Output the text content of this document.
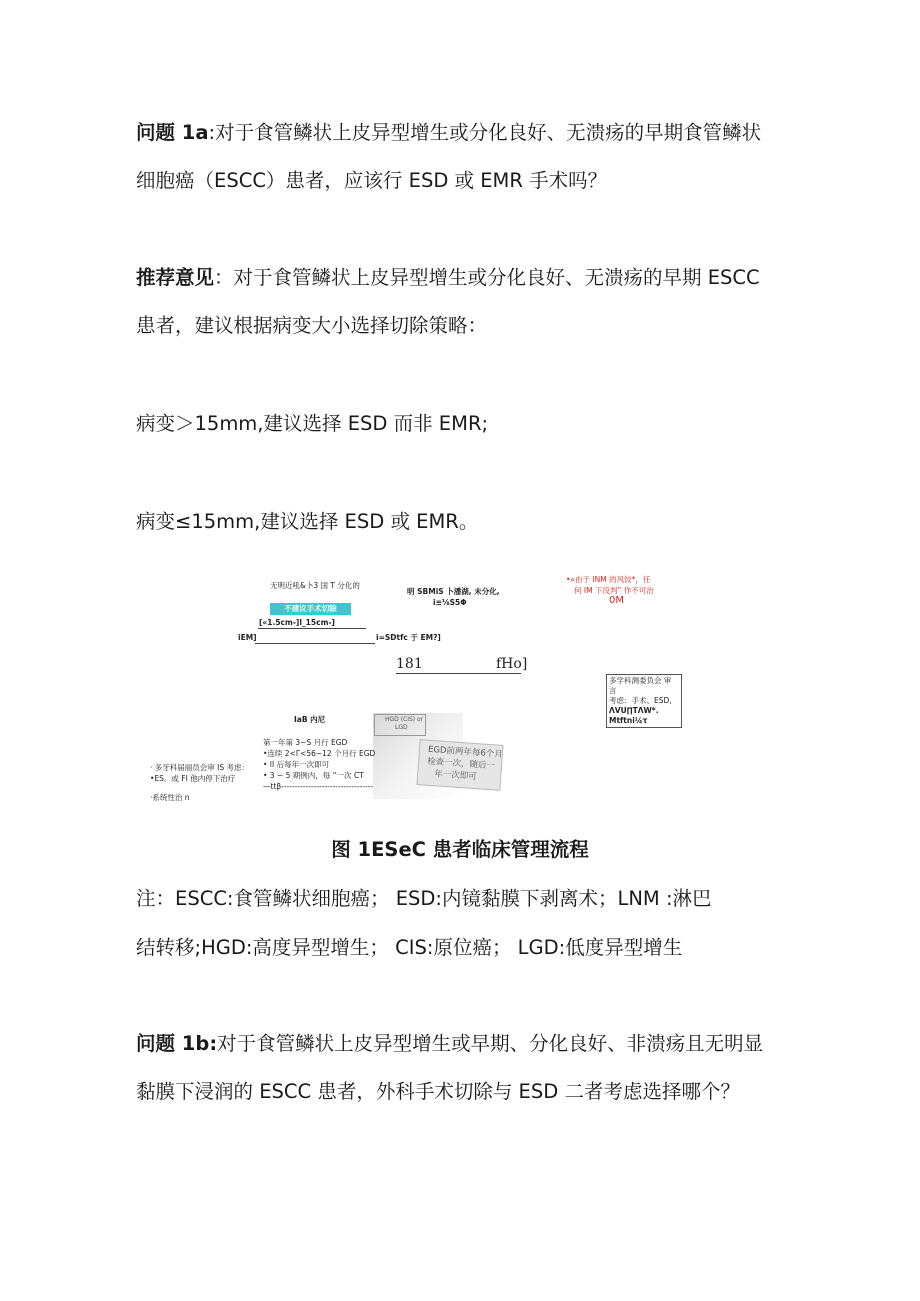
问题 1a:对于食管鳞状上皮异型增生或分化良好、无溃疡的早期食管鳞状
细胞癌（ESCC）患者，应该行 ESD 或 EMR 手术吗？
推荐意见：对于食管鳞状上皮异型增生或分化良好、无溃疡的早期 ESCC
患者，建议根据病变大小选择切除策略：
病变＞15mm,建议选择 ESD 而非 EMR;
病变≤15mm,建议选择 ESD 或 EMR。
无明近吼&卜3 国 T 分化的
明 SBMiS 卜潘湖, 未分化,
i≡⅛S5Φ
•«由于 INM 的风饺*，任
何 IM 下没判” 作不可治
0M
不建议手术切除
[«1.5cm-]l_15cm-]
iEM]	i=SDtfc 于 EM?]
181	fHo]
多学科测委负会 审
言
考虑：手术、ESD,
ΛVU∏TΛW*.
Mtftni¼τ
IaB 内尼	HGD (CIS) or
LGD
EGD前两年每6个月
检查一次，随后一
年一次即可
第一年第 3~S 月行 EGD
•连续 2<Γ<56~12 个月行 EGD
• II 后每年一次即可
• 3 ~ 5 期例内，每 “一次 CT
—ttβ----------------------------------
· 多牙科届丽员会审 IS 考虑：
•ES。或 FI 他内停下治疗
·系统性治 n
图 1ESeC 患者临床管理流程
注：ESCC:食管鳞状细胞癌； ESD:内镜黏膜下剥离术；LNM :淋巴
结转移;HGD:高度异型增生； CIS:原位癌； LGD:低度异型增生
问题 1b:对于食管鳞状上皮异型增生或早期、分化良好、非溃疡且无明显
黏膜下浸润的 ESCC 患者，外科手术切除与 ESD 二者考虑选择哪个？
